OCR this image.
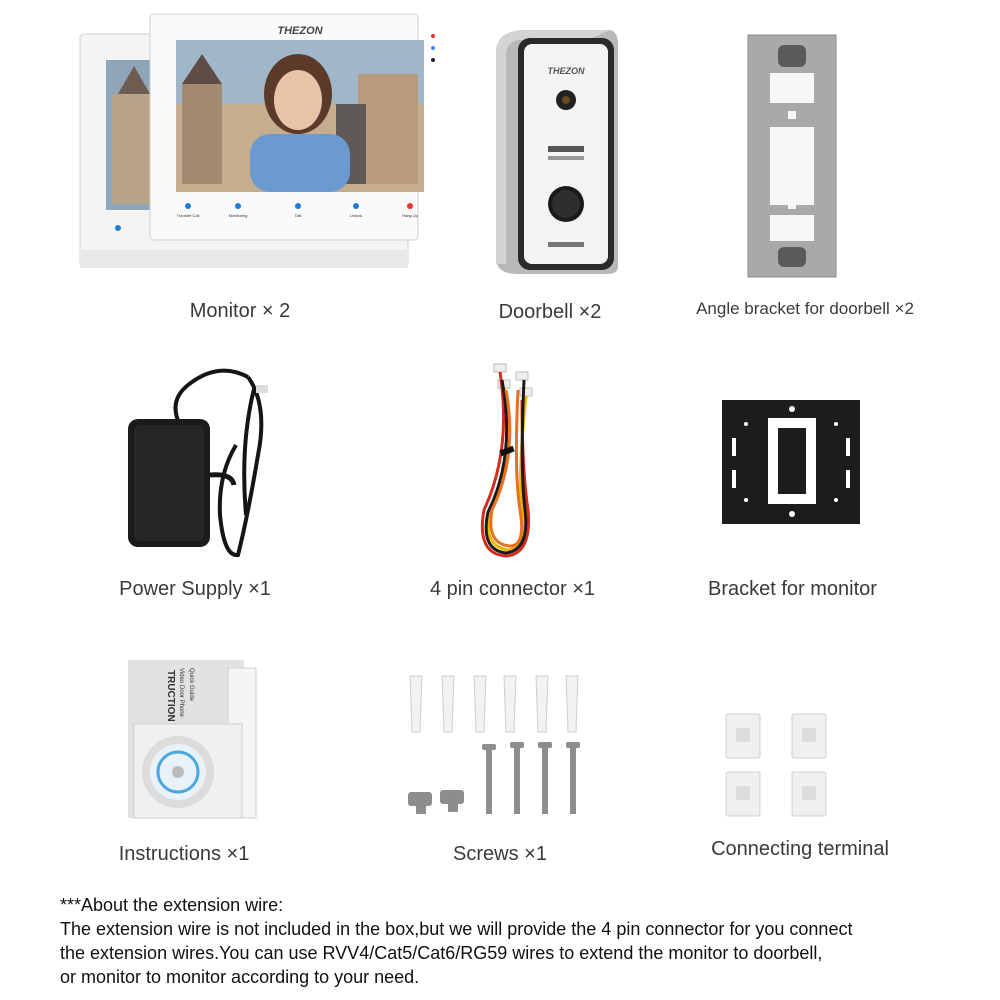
THEZON
Transfer Call	Monitoring	Talk	Unlock	Hang Up
THEZON
Monitor × 2	Doorbell ×2	Angle bracket for doorbell ×2
Power Supply ×1	4 pin connector ×1	Bracket for monitor
TRUCTION Video Door Phone Quick Guide
Instructions ×1	Screws ×1	Connecting terminal
***About the extension wire:
The extension wire is not included in the box,but we will provide the 4 pin connector for you connect
the extension wires.You can use RVV4/Cat5/Cat6/RG59 wires to extend the monitor to doorbell,
or monitor to monitor according to your need.
